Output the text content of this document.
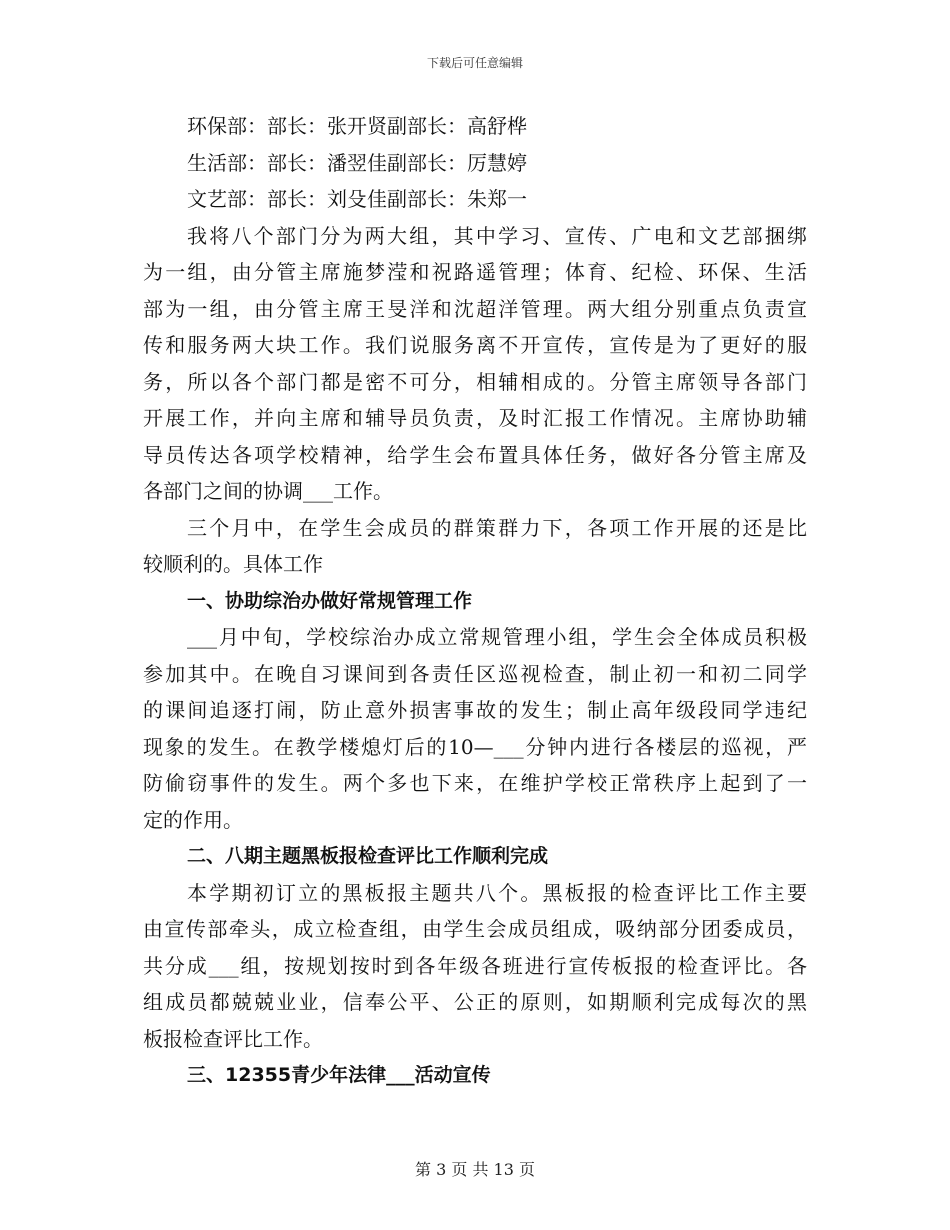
下载后可任意编辑
环保部：部长：张开贤副部长：高舒桦
生活部：部长：潘翌佳副部长：厉慧婷
文艺部：部长：刘殳佳副部长：朱郑一
我将八个部门分为两大组，其中学习、宣传、广电和文艺部捆绑
为一组，由分管主席施梦滢和祝路遥管理；体育、纪检、环保、生活
部为一组，由分管主席王旻洋和沈超洋管理。两大组分别重点负责宣
传和服务两大块工作。我们说服务离不开宣传，宣传是为了更好的服
务，所以各个部门都是密不可分，相辅相成的。分管主席领导各部门
开展工作，并向主席和辅导员负责，及时汇报工作情况。主席协助辅
导员传达各项学校精神，给学生会布置具体任务，做好各分管主席及
各部门之间的协调___工作。
三个月中，在学生会成员的群策群力下，各项工作开展的还是比
较顺利的。具体工作
一、协助综治办做好常规管理工作
___月中旬，学校综治办成立常规管理小组，学生会全体成员积极
参加其中。在晚自习课间到各责任区巡视检查，制止初一和初二同学
的课间追逐打闹，防止意外损害事故的发生；制止高年级段同学违纪
现象的发生。在教学楼熄灯后的10—___分钟内进行各楼层的巡视，严
防偷窃事件的发生。两个多也下来，在维护学校正常秩序上起到了一
定的作用。
二、八期主题黑板报检查评比工作顺利完成
本学期初订立的黑板报主题共八个。黑板报的检查评比工作主要
由宣传部牵头，成立检查组，由学生会成员组成，吸纳部分团委成员，
共分成___组，按规划按时到各年级各班进行宣传板报的检查评比。各
组成员都兢兢业业，信奉公平、公正的原则，如期顺利完成每次的黑
板报检查评比工作。
三、12355青少年法律___活动宣传
第 3 页 共 13 页
